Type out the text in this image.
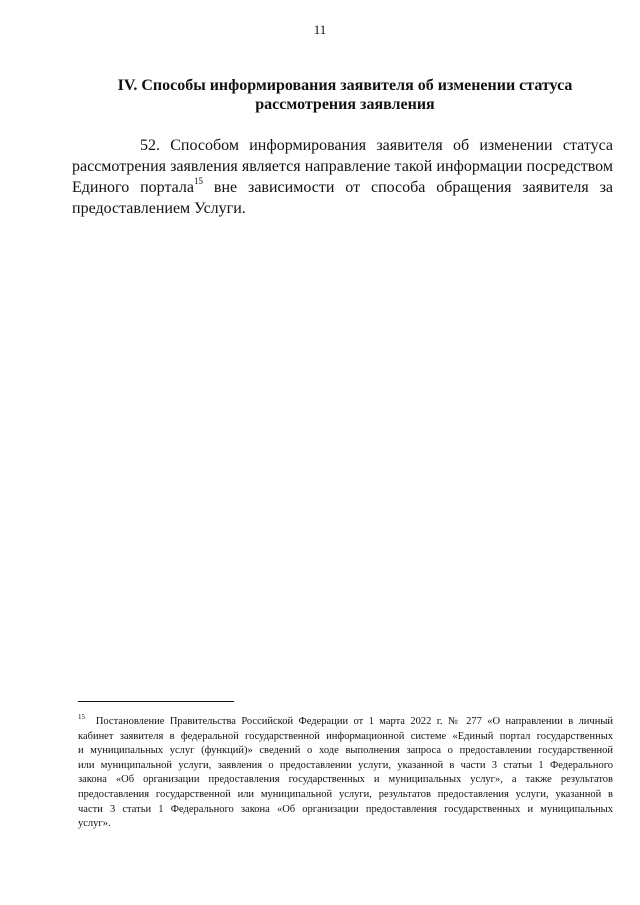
11
IV. Способы информирования заявителя об изменении статуса
рассмотрения заявления
52. Способом информирования заявителя об изменении статуса
рассмотрения заявления является направление такой информации посредством
Единого портала$^{15}$ вне зависимости от способа обращения заявителя за
предоставлением Услуги.
$^{15}$ Постановление Правительства Российской Федерации от 1 марта 2022 г. № 277 «О направлении в личный
кабинет заявителя в федеральной государственной информационной системе «Единый портал государственных
и муниципальных услуг (функций)» сведений о ходе выполнения запроса о предоставлении государственной
или муниципальной услуги, заявления о предоставлении услуги, указанной в части 3 статьи 1 Федерального
закона «Об организации предоставления государственных и муниципальных услуг», а также результатов
предоставления государственной или муниципальной услуги, результатов предоставления услуги, указанной в
части 3 статьи 1 Федерального закона «Об организации предоставления государственных и муниципальных
услуг».
